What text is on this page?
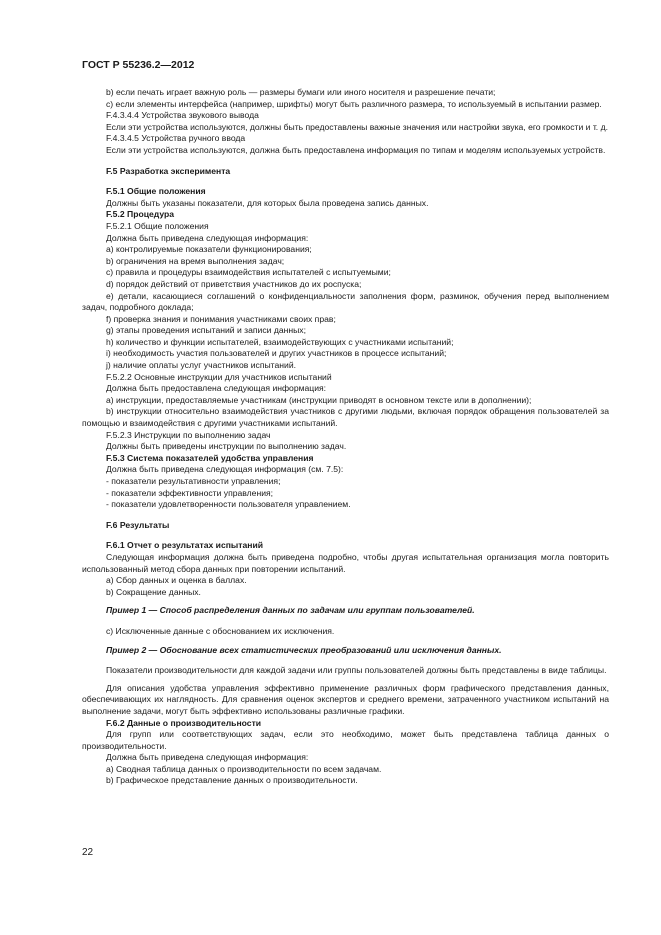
ГОСТ Р 55236.2—2012

b) если печать играет важную роль — размеры бумаги или иного носителя и разрешение печати;

c) если элементы интерфейса (например, шрифты) могут быть различного размера, то используемый в испытании размер.

F.4.3.4.4 Устройства звукового вывода

Если эти устройства используются, должны быть предоставлены важные значения или настройки звука, его громкости и т. д.

F.4.3.4.5 Устройства ручного ввода

Если эти устройства используются, должна быть предоставлена информация по типам и моделям используемых устройств.

F.5 Разработка эксперимента

F.5.1 Общие положения

Должны быть указаны показатели, для которых была проведена запись данных.

F.5.2 Процедура

F.5.2.1 Общие положения

Должна быть приведена следующая информация:

a) контролируемые показатели функционирования;

b) ограничения на время выполнения задач;

c) правила и процедуры взаимодействия испытателей с испытуемыми;

d) порядок действий от приветствия участников до их роспуска;

e) детали, касающиеся соглашений о конфиденциальности заполнения форм, разминок, обучения перед выполнением задач, подробного доклада;

f) проверка знания и понимания участниками своих прав;

g) этапы проведения испытаний и записи данных;

h) количество и функции испытателей, взаимодействующих с участниками испытаний;

i) необходимость участия пользователей и других участников в процессе испытаний;

j) наличие оплаты услуг участников испытаний.

F.5.2.2 Основные инструкции для участников испытаний

Должна быть предоставлена следующая информация:

a) инструкции, предоставляемые участникам (инструкции приводят в основном тексте или в дополнении);

b) инструкции относительно взаимодействия участников с другими людьми, включая порядок обращения пользователей за помощью и взаимодействия с другими участниками испытаний.

F.5.2.3 Инструкции по выполнению задач

Должны быть приведены инструкции по выполнению задач.

F.5.3 Система показателей удобства управления

Должна быть приведена следующая информация (см. 7.5):

- показатели результативности управления;

- показатели эффективности управления;

- показатели удовлетворенности пользователя управлением.

F.6 Результаты

F.6.1 Отчет о результатах испытаний

Следующая информация должна быть приведена подробно, чтобы другая испытательная организация могла повторить использованный метод сбора данных при повторении испытаний.

a) Сбор данных и оценка в баллах.

b) Сокращение данных.

Пример 1 — Способ распределения данных по задачам или группам пользователей.

c) Исключенные данные с обоснованием их исключения.

Пример 2 — Обоснование всех статистических преобразований или исключения данных.

Показатели производительности для каждой задачи или группы пользователей должны быть представлены в виде таблицы.

Для описания удобства управления эффективно применение различных форм графического представления данных, обеспечивающих их наглядность. Для сравнения оценок экспертов и среднего времени, затраченного участником испытаний на выполнение задачи, могут быть эффективно использованы различные графики.

F.6.2 Данные о производительности

Для групп или соответствующих задач, если это необходимо, может быть представлена таблица данных о производительности.

Должна быть приведена следующая информация:

a) Сводная таблица данных о производительности по всем задачам.

b) Графическое представление данных о производительности.

22
